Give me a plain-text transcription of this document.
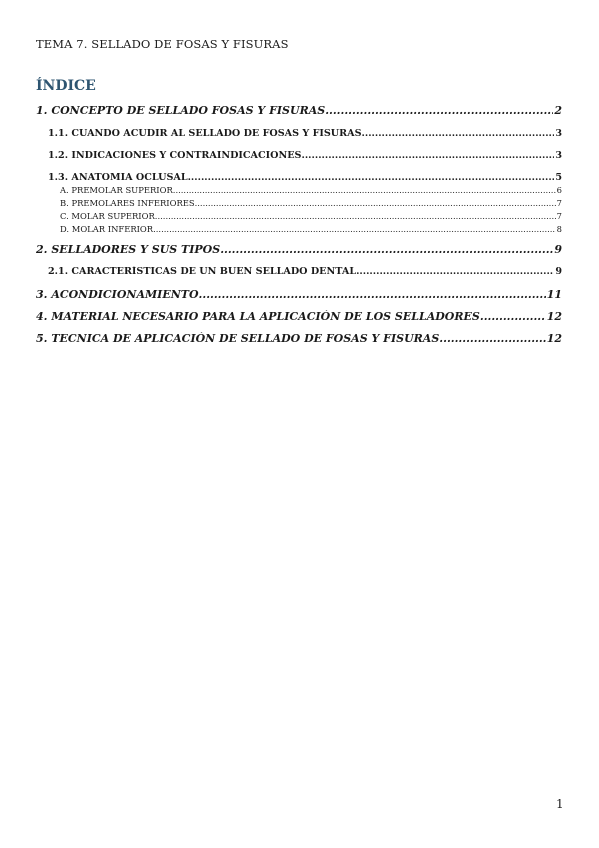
TEMA 7. SELLADO DE FOSAS Y FISURAS
ÍNDICE
1. CONCEPTO DE SELLADO FOSAS Y FISURAS .....	2
1.1. CUANDO ACUDIR AL SELLADO DE FOSAS Y FISURAS .....	3
1.2. INDICACIONES Y CONTRAINDICACIONES .....	3
1.3. ANATOMIA OCLUSAL .....	5
A. PREMOLAR SUPERIOR .....	6
B. PREMOLARES INFERIORES .....	7
C. MOLAR SUPERIOR .....	7
D. MOLAR INFERIOR .....	8
2. SELLADORES Y SUS TIPOS .....	9
2.1. CARACTERÍSTICAS DE UN BUEN SELLADO DENTAL .....	9
3. ACONDICIONAMIENTO .....	11
4. MATERIAL NECESARIO PARA LA APLICACIÓN DE LOS SELLADORES .....	12
5. TECNICA DE APLICACIÓN DE SELLADO DE FOSAS Y FISURAS .....	12
1
